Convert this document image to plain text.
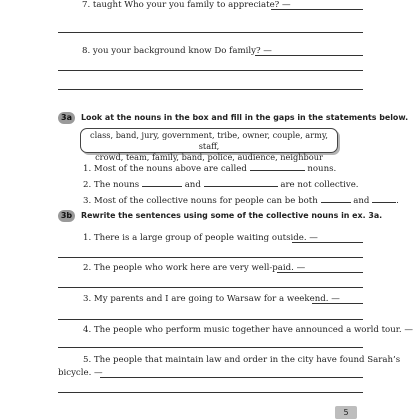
7. taught Who your you family to appreciate? —
8. you your background know Do family? —
3a	Look at the nouns in the box and fill in the gaps in the statements below.
class, band, jury, government, tribe, owner, couple, army, staff,
crowd, team, family, band, police, audience, neighbour
1. Most of the nouns above are called	nouns.
2. The nouns	and	are not collective.
3. Most of the collective nouns for people can be both	and	.
3b	Rewrite the sentences using some of the collective nouns in ex. 3a.
1. There is a large group of people waiting outside. —
2. The people who work here are very well-paid. —
3. My parents and I are going to Warsaw for a weekend. —
4. The people who perform music together have announced a world tour. —
5. The people that maintain law and order in the city have found Sarah’s
bicycle. —
5
